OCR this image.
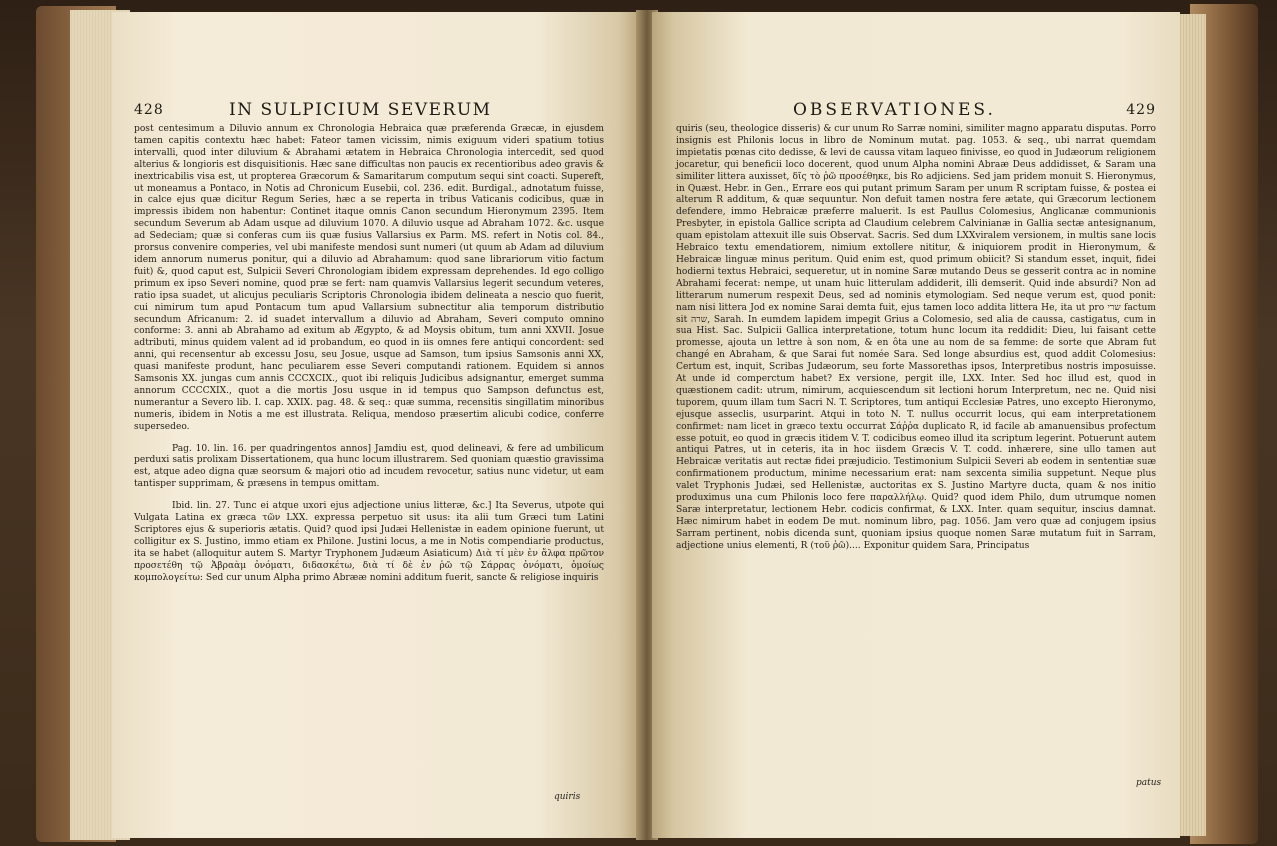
428	IN SULPICIUM SEVERUM

post centesimum a Diluvio annum ex Chronologia Hebraica quæ præferenda Græcæ, in ejusdem tamen capitis contextu hæc habet: Fateor tamen vicissim, nimis exiguum videri spatium totius intervalli, quod inter diluvium & Abrahami ætatem in Hebraica Chronologia intercedit, sed quod alterius & longioris est disquisitionis. Hæc sane difficultas non paucis ex recentioribus adeo gravis & inextricabilis visa est, ut propterea Græcorum & Samaritarum computum sequi sint coacti. Supereft, ut moneamus a Pontaco, in Notis ad Chronicum Eusebii, col. 236. edit. Burdigal., adnotatum fuisse, in calce ejus quæ dicitur Regum Series, hæc a se reperta in tribus Vaticanis codicibus, quæ in impressis ibidem non habentur: Continet itaque omnis Canon secundum Hieronymum 2395. Item secundum Severum ab Adam usque ad diluvium 1070. A diluvio usque ad Abraham 1072. &c. usque ad Sedeciam; quæ si conferas cum iis quæ fusius Vallarsius ex Parm. MS. refert in Notis col. 84., prorsus convenire comperies, vel ubi manifeste mendosi sunt numeri (ut quum ab Adam ad diluvium idem annorum numerus ponitur, qui a diluvio ad Abrahamum: quod sane librariorum vitio factum fuit) &, quod caput est, Sulpicii Severi Chronologiam ibidem expressam deprehendes. Id ego colligo primum ex ipso Severi nomine, quod præ se fert: nam quamvis Vallarsius legerit secundum veteres, ratio ipsa suadet, ut alicujus peculiaris Scriptoris Chronologia ibidem delineata a nescio quo fuerit, cui nimirum tum apud Pontacum tum apud Vallarsium subnectitur alia temporum distributio secundum Africanum: 2. id suadet intervallum a diluvio ad Abraham, Severi computo omnino conforme: 3. anni ab Abrahamo ad exitum ab Ægypto, & ad Moysis obitum, tum anni XXVII. Josue adtributi, minus quidem valent ad id probandum, eo quod in iis omnes fere antiqui concordent: sed anni, qui recensentur ab excessu Josu, seu Josue, usque ad Samson, tum ipsius Samsonis anni XX, quasi manifeste produnt, hanc peculiarem esse Severi computandi rationem. Equidem si annos Samsonis XX. jungas cum annis CCCXCIX., quot ibi reliquis Judicibus adsignantur, emerget summa annorum CCCCXIX., quot a die mortis Josu usque in id tempus quo Sampson defunctus est, numerantur a Severo lib. I. cap. XXIX. pag. 48. & seq.: quæ summa, recensitis singillatim minoribus numeris, ibidem in Notis a me est illustrata. Reliqua, mendoso præsertim alicubi codice, conferre supersedeo.

Pag. 10. lin. 16. per quadringentos annos] Jamdiu est, quod delineavi, & fere ad umbilicum perduxi satis prolixam Dissertationem, qua hunc locum illustrarem. Sed quoniam quæstio gravissima est, atque adeo digna quæ seorsum & majori otio ad incudem revocetur, satius nunc videtur, ut eam tantisper supprimam, & præsens in tempus omittam.

Ibid. lin. 27. Tunc ei atque uxori ejus adjectione unius litteræ, &c.] Ita Severus, utpote qui Vulgata Latina ex græca τῶν LXX. expressa perpetuo sit usus: ita alii tum Græci tum Latini Scriptores ejus & superioris ætatis. Quid? quod ipsi Judæi Hellenistæ in eadem opinione fuerunt, ut colligitur ex S. Justino, immo etiam ex Philone. Justini locus, a me in Notis compendiarie productus, ita se habet (alloquitur autem S. Martyr Tryphonem Judæum Asiaticum) Διὰ τί μὲν ἐν ἄλφα πρῶτον προσετέθη τῷ Ἀβραὰμ ὀνόματι, διδασκέτω, διὰ τί δὲ ἐν ῥῶ τῷ Σάρρας ὀνόματι, ὁμοίως κομπολογείτω: Sed cur unum Alpha primo Abrææ nomini additum fuerit, sancte & religiose inquiris

quiris
OBSERVATIONES.	429

quiris (seu, theologice disseris) & cur unum Ro Sarræ nomini, similiter magno apparatu disputas. Porro insignis est Philonis locus in libro de Nominum mutat. pag. 1053. & seq., ubi narrat quemdam impietatis pœnas cito dedisse, & levi de caussa vitam laqueo finivisse, eo quod in Judæorum religionem jocaretur, qui beneficii loco docerent, quod unum Alpha nomini Abraæ Deus addidisset, & Saram una similiter littera auxisset, δῖς τὸ ῥῶ προσέθηκε, bis Ro adjiciens. Sed jam pridem monuit S. Hieronymus, in Quæst. Hebr. in Gen., Errare eos qui putant primum Saram per unum R scriptam fuisse, & postea ei alterum R additum, & quæ sequuntur. Non defuit tamen nostra fere ætate, qui Græcorum lectionem defendere, immo Hebraicæ præferre maluerit. Is est Paullus Colomesius, Anglicanæ communionis Presbyter, in epistola Gallice scripta ad Claudium celebrem Calvinianæ in Gallia sectæ antesignanum, quam epistolam attexuit ille suis Observat. Sacris. Sed dum LXXviralem versionem, in multis sane locis Hebraico textu emendatiorem, nimium extollere nititur, & iniquiorem prodit in Hieronymum, & Hebraicæ linguæ minus peritum. Quid enim est, quod primum obiicit? Si standum esset, inquit, fidei hodierni textus Hebraici, sequeretur, ut in nomine Saræ mutando Deus se gesserit contra ac in nomine Abrahami fecerat: nempe, ut unam huic litterulam addiderit, illi demserit. Quid inde absurdi? Non ad litterarum numerum respexit Deus, sed ad nominis etymologiam. Sed neque verum est, quod ponit: nam nisi littera Jod ex nomine Sarai demta fuit, ejus tamen loco addita littera He, ita ut pro שרי factum sit שרה, Sarah. In eumdem lapidem impegit Grius a Colomesio, sed alia de caussa, castigatus, cum in sua Hist. Sac. Sulpicii Gallica interpretatione, totum hunc locum ita reddidit: Dieu, lui faisant cette promesse, ajouta un lettre à son nom, & en ôta une au nom de sa femme: de sorte que Abram fut changé en Abraham, & que Sarai fut nomée Sara. Sed longe absurdius est, quod addit Colomesius: Certum est, inquit, Scribas Judæorum, seu forte Massorethas ipsos, Interpretibus nostris imposuisse. At unde id comperctum habet? Ex versione, pergit ille, LXX. Inter. Sed hoc illud est, quod in quæstionem cadit: utrum, nimirum, acquiescendum sit lectioni horum Interpretum, nec ne. Quid nisi tuporem, quum illam tum Sacri N. T. Scriptores, tum antiqui Ecclesiæ Patres, uno excepto Hieronymo, ejusque asseclis, usurparint. Atqui in toto N. T. nullus occurrit locus, qui eam interpretationem confirmet: nam licet in græco textu occurrat Σάῤῥα duplicato R, id facile ab amanuensibus profectum esse potuit, eo quod in græcis itidem V. T. codicibus eomeo illud ita scriptum legerint. Potuerunt autem antiqui Patres, ut in ceteris, ita in hoc iisdem Græcis V. T. codd. inhærere, sine ullo tamen aut Hebraicæ veritatis aut rectæ fidei præjudicio. Testimonium Sulpicii Severi ab eodem in sententiæ suæ confirmationem productum, minime necessarium erat: nam sexcenta similia suppetunt. Neque plus valet Tryphonis Judæi, sed Hellenistæ, auctoritas ex S. Justino Martyre ducta, quam & nos initio produximus una cum Philonis loco fere παραλλήλῳ. Quid? quod idem Philo, dum utrumque nomen Saræ interpretatur, lectionem Hebr. codicis confirmat, & LXX. Inter. quam sequitur, inscius damnat. Hæc nimirum habet in eodem De mut. nominum libro, pag. 1056. Jam vero quæ ad conjugem ipsius Sarram pertinent, nobis dicenda sunt, quoniam ipsius quoque nomen Saræ mutatum fuit in Sarram, adjectione unius elementi, R (τοῦ ῥῶ).... Exponitur quidem Sara, Principatus

patus
